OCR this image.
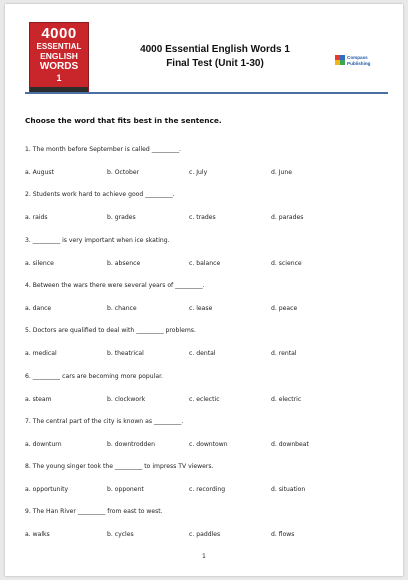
4000
ESSENTIAL
ENGLISH
WORDS
1
4000 Essential English Words 1
Final Test (Unit 1-30)
Compass
Publishing
Choose the word that fits best in the sentence.
1. The month before September is called _________.
a. August	b. October	c. July	d. June
2. Students work hard to achieve good _________.
a. raids	b. grades	c. trades	d. parades
3. _________ is very important when ice skating.
a. silence	b. absence	c. balance	d. science
4. Between the wars there were several years of _________.
a. dance	b. chance	c. lease	d. peace
5. Doctors are qualified to deal with _________ problems.
a. medical	b. theatrical	c. dental	d. rental
6. _________ cars are becoming more popular.
a. steam	b. clockwork	c. eclectic	d. electric
7. The central part of the city is known as _________.
a. downturn	b. downtrodden	c. downtown	d. downbeat
8. The young singer took the _________ to impress TV viewers.
a. opportunity	b. opponent	c. recording	d. situation
9. The Han River _________ from east to west.
a. walks	b. cycles	c. paddles	d. flows
1
